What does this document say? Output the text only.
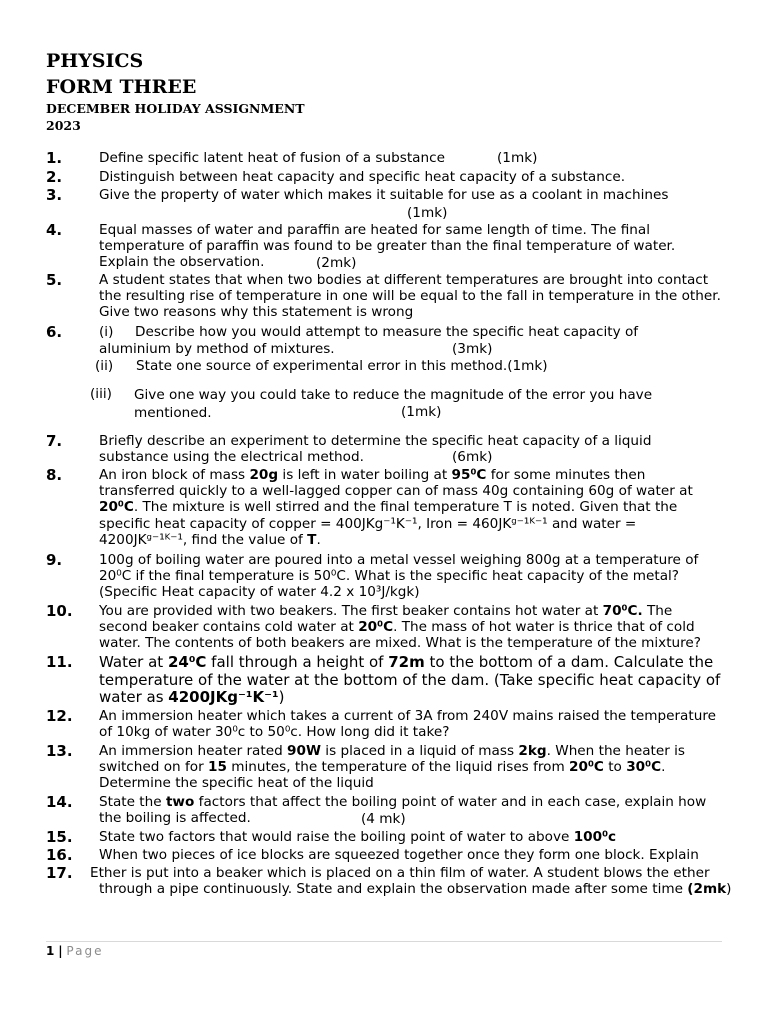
PHYSICS
FORM THREE
DECEMBER HOLIDAY ASSIGNMENT
2023
1.	Define specific latent heat of fusion of a substance	(1mk)
2.	Distinguish between heat capacity and specific heat capacity of a substance.
3.	Give the property of water which makes it suitable for use as a coolant in machines
(1mk)
4.	Equal masses of water and paraffin are heated for same length of time. The final temperature of paraffin was found to be greater than the final temperature of water. Explain the observation.	(2mk)
5.	A student states that when two bodies at different temperatures are brought into contact the resulting rise of temperature in one will be equal to the fall in temperature in the other. Give two reasons why this statement is wrong
6.	(i)	Describe how you would attempt to measure the specific heat capacity of aluminium by method of mixtures.	(3mk)
(ii) State one source of experimental error in this method.(1mk)
(iii) Give one way you could take to reduce the magnitude of the error you have mentioned.	(1mk)
7.	Briefly describe an experiment to determine the specific heat capacity of a liquid substance using the electrical method.	(6mk)
8.	An iron block of mass 20g is left in water boiling at 95⁰C for some minutes then transferred quickly to a well-lagged copper can of mass 40g containing 60g of water at 20⁰C. The mixture is well stirred and the final temperature T is noted. Given that the specific heat capacity of copper = 400JKg⁻¹K⁻¹, Iron = 460JKᵍ⁻¹ᴷ⁻¹ and water = 4200JKᵍ⁻¹ᴷ⁻¹, find the value of T.
9.	100g of boiling water are poured into a metal vessel weighing 800g at a temperature of 20⁰C if the final temperature is 50⁰C. What is the specific heat capacity of the metal? (Specific Heat capacity of water 4.2 x 10³J/kgk)
10. You are provided with two beakers. The first beaker contains hot water at 70⁰C. The second beaker contains cold water at 20⁰C. The mass of hot water is thrice that of cold water. The contents of both beakers are mixed. What is the temperature of the mixture?
11. Water at 24⁰C fall through a height of 72m to the bottom of a dam. Calculate the temperature of the water at the bottom of the dam. (Take specific heat capacity of water as 4200JKg⁻¹K⁻¹)
12. An immersion heater which takes a current of 3A from 240V mains raised the temperature of 10kg of water 30⁰c to 50⁰c. How long did it take?
13. An immersion heater rated 90W is placed in a liquid of mass 2kg. When the heater is switched on for 15 minutes, the temperature of the liquid rises from 20⁰C to 30⁰C. Determine the specific heat of the liquid
14. State the two factors that affect the boiling point of water and in each case, explain how the boiling is affected.	(4 mk)
15. State two factors that would raise the boiling point of water to above 100⁰c
16. When two pieces of ice blocks are squeezed together once they form one block. Explain
17. Ether is put into a beaker which is placed on a thin film of water. A student blows the ether through a pipe continuously. State and explain the observation made after some time (2mk)
1 | Page
